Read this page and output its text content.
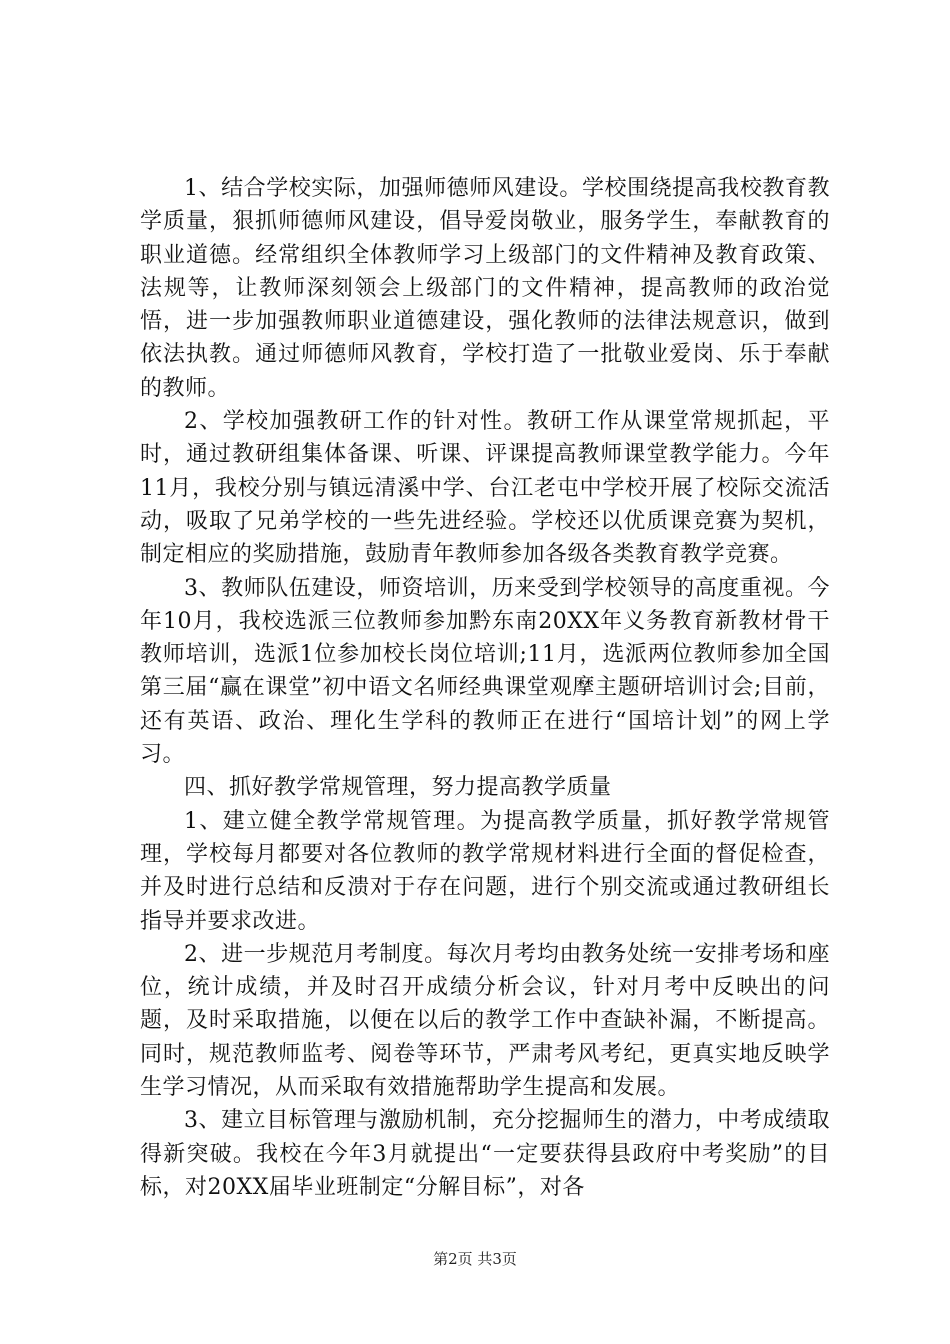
1、结合学校实际，加强师德师风建设。学校围绕提高我校教育教学质量，狠抓师德师风建设，倡导爱岗敬业，服务学生，奉献教育的职业道德。经常组织全体教师学习上级部门的文件精神及教育政策、法规等，让教师深刻领会上级部门的文件精神，提高教师的政治觉悟，进一步加强教师职业道德建设，强化教师的法律法规意识，做到依法执教。通过师德师风教育，学校打造了一批敬业爱岗、乐于奉献的教师。

2、学校加强教研工作的针对性。教研工作从课堂常规抓起，平时，通过教研组集体备课、听课、评课提高教师课堂教学能力。今年11月，我校分别与镇远清溪中学、台江老屯中学校开展了校际交流活动，吸取了兄弟学校的一些先进经验。学校还以优质课竞赛为契机，制定相应的奖励措施，鼓励青年教师参加各级各类教育教学竞赛。

3、教师队伍建设，师资培训，历来受到学校领导的高度重视。今年10月，我校选派三位教师参加黔东南20XX年义务教育新教材骨干教师培训，选派1位参加校长岗位培训;11月，选派两位教师参加全国第三届“赢在课堂”初中语文名师经典课堂观摩主题研培训讨会;目前，还有英语、政治、理化生学科的教师正在进行“国培计划”的网上学习。

四、抓好教学常规管理，努力提高教学质量

1、建立健全教学常规管理。为提高教学质量，抓好教学常规管理，学校每月都要对各位教师的教学常规材料进行全面的督促检查，并及时进行总结和反溃对于存在问题，进行个别交流或通过教研组长指导并要求改进。

2、进一步规范月考制度。每次月考均由教务处统一安排考场和座位，统计成绩，并及时召开成绩分析会议，针对月考中反映出的问题，及时采取措施，以便在以后的教学工作中查缺补漏，不断提高。同时，规范教师监考、阅卷等环节，严肃考风考纪，更真实地反映学生学习情况，从而采取有效措施帮助学生提高和发展。

3、建立目标管理与激励机制，充分挖掘师生的潜力，中考成绩取得新突破。我校在今年3月就提出“一定要获得县政府中考奖励”的目标，对20XX届毕业班制定“分解目标”，对各

第2页 共3页
